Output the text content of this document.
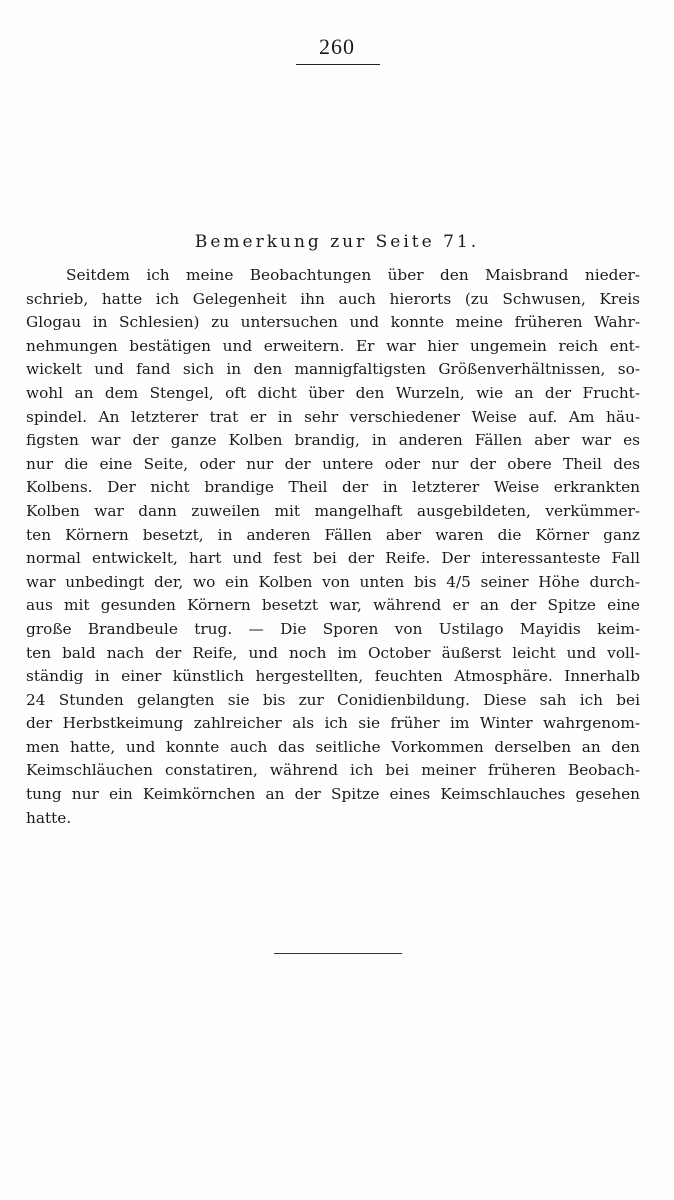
260
Bemerkung zur Seite 71.
Seitdem ich meine Beobachtungen über den Maisbrand nieder-
schrieb, hatte ich Gelegenheit ihn auch hierorts (zu Schwusen, Kreis
Glogau in Schlesien) zu untersuchen und konnte meine früheren Wahr-
nehmungen bestätigen und erweitern. Er war hier ungemein reich ent-
wickelt und fand sich in den mannigfaltigsten Größenverhältnissen, so-
wohl an dem Stengel, oft dicht über den Wurzeln, wie an der Frucht-
spindel. An letzterer trat er in sehr verschiedener Weise auf. Am häu-
figsten war der ganze Kolben brandig, in anderen Fällen aber war es
nur die eine Seite, oder nur der untere oder nur der obere Theil des
Kolbens. Der nicht brandige Theil der in letzterer Weise erkrankten
Kolben war dann zuweilen mit mangelhaft ausgebildeten, verkümmer-
ten Körnern besetzt, in anderen Fällen aber waren die Körner ganz
normal entwickelt, hart und fest bei der Reife. Der interessanteste Fall
war unbedingt der, wo ein Kolben von unten bis 4/5 seiner Höhe durch-
aus mit gesunden Körnern besetzt war, während er an der Spitze eine
große Brandbeule trug. — Die Sporen von Ustilago Mayidis keim-
ten bald nach der Reife, und noch im October äußerst leicht und voll-
ständig in einer künstlich hergestellten, feuchten Atmosphäre. Innerhalb
24 Stunden gelangten sie bis zur Conidienbildung. Diese sah ich bei
der Herbstkeimung zahlreicher als ich sie früher im Winter wahrgenom-
men hatte, und konnte auch das seitliche Vorkommen derselben an den
Keimschläuchen constatiren, während ich bei meiner früheren Beobach-
tung nur ein Keimkörnchen an der Spitze eines Keimschlauches gesehen
hatte.
